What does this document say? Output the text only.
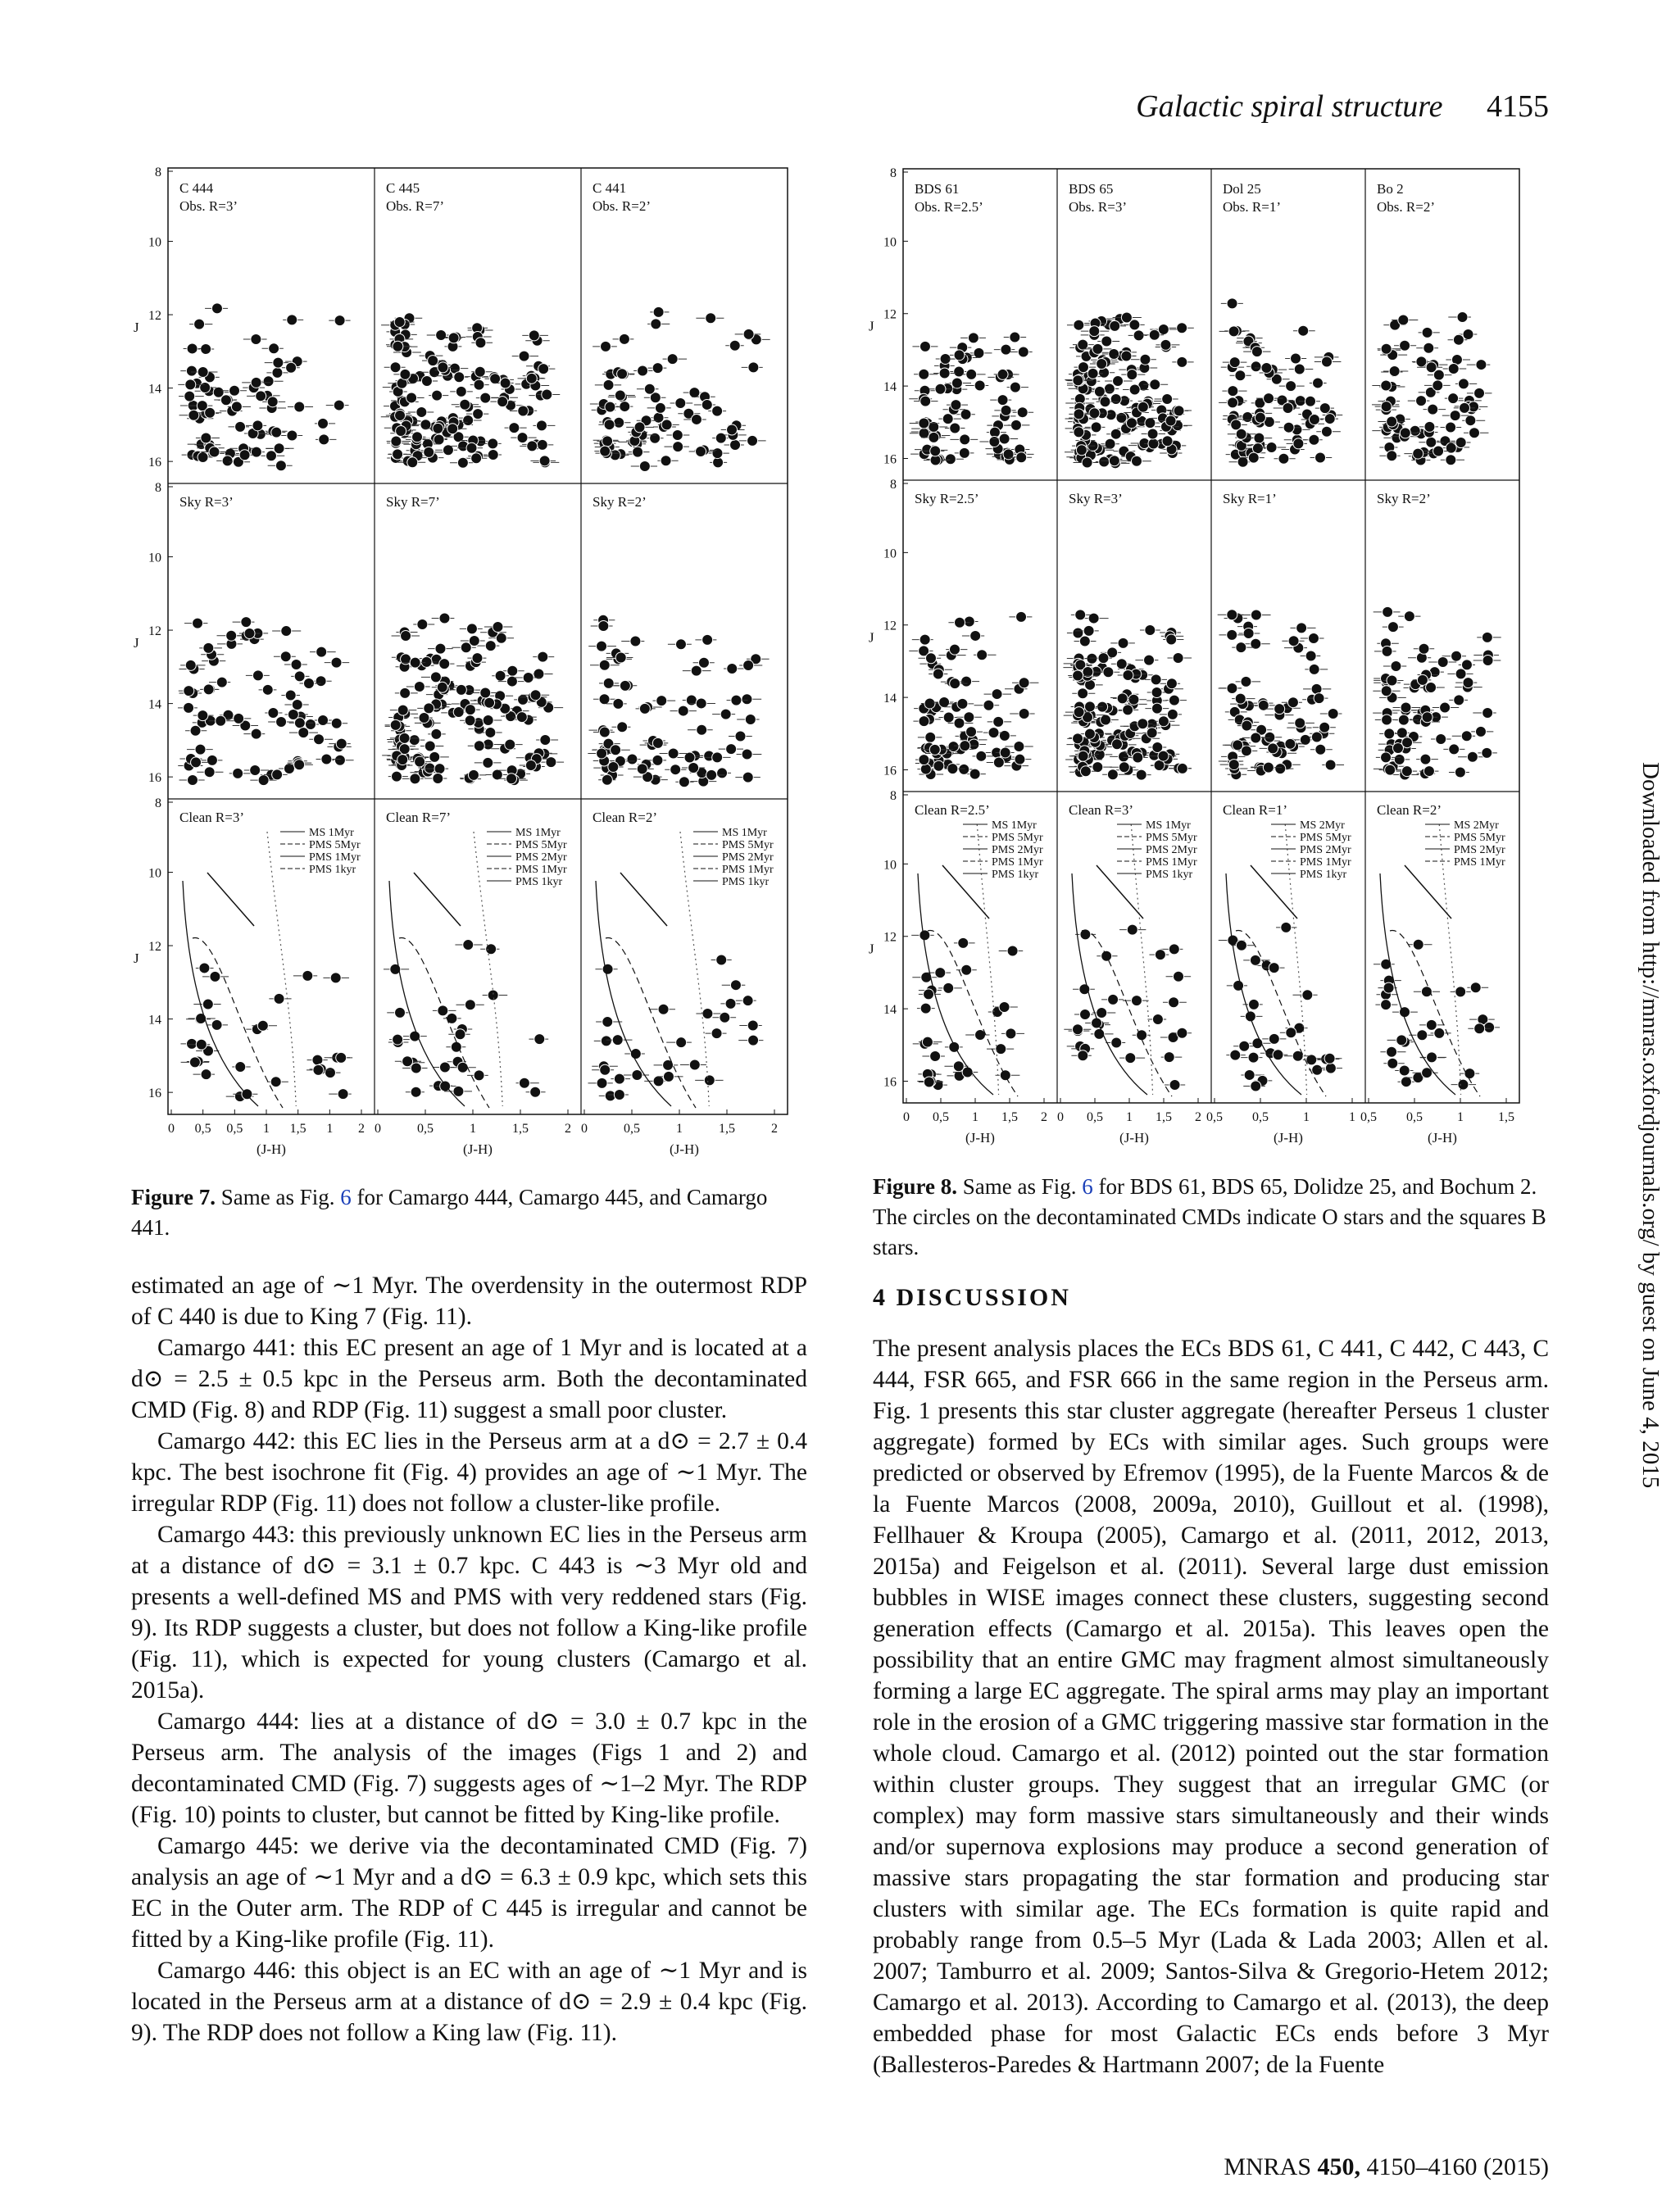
Galactic spiral structure 4155
8
10
12
14
16
J
8
10
12
14
16
J
8
10
12
14
16
J
C 444
Obs. R=3’
Sky R=3’
Clean R=3’
MS 1Myr
PMS 5Myr
PMS 1Myr
PMS 1kyr
C 445
Obs. R=7’
Sky R=7’
Clean R=7’
MS 1Myr
PMS 5Myr
PMS 2Myr
PMS 1Myr
PMS 1kyr
C 441
Obs. R=2’
Sky R=2’
Clean R=2’
MS 1Myr
PMS 5Myr
PMS 2Myr
PMS 1Myr
PMS 1kyr
0 0,5 0,5 1 1,5 1 2
(J-H)
0	0,5	1	1,5	2
(J-H)
0	0,5	1	1,5	2
(J-H)
Figure 7. Same as Fig. 6 for Camargo 444, Camargo 445, and Camargo 441.
8
10
12
14
16
J
8
10
12
14
16
J
8
10
12
14
16
J
BDS 61
Obs. R=2.5’
Sky R=2.5’
Clean R=2.5’
MS 1Myr
PMS 5Myr
PMS 2Myr
PMS 1Myr
PMS 1kyr
BDS 65
Obs. R=3’
Sky R=3’
Clean R=3’
MS 1Myr
PMS 5Myr
PMS 2Myr
PMS 1Myr
PMS 1kyr
Dol 25
Obs. R=1’
Sky R=1’
Clean R=1’
MS 2Myr
PMS 5Myr
PMS 2Myr
PMS 1Myr
PMS 1kyr
Bo 2
Obs. R=2’
Sky R=2’
Clean R=2’
MS 2Myr
PMS 5Myr
PMS 2Myr
PMS 1Myr
0 0,5 1 1,5 2
(J-H)
0 0,5 1 1,5 2
(J-H)
0,5 0,5	1	1
(J-H)
0,5 0,5	1	1,5
(J-H)
Figure 8. Same as Fig. 6 for BDS 61, BDS 65, Dolidze 25, and Bochum 2. The circles on the decontaminated CMDs indicate O stars and the squares B stars.

estimated an age of ∼1 Myr. The overdensity in the outermost RDP of C 440 is due to King 7 (Fig. 11).

Camargo 441: this EC present an age of 1 Myr and is located at a d⊙ = 2.5 ± 0.5 kpc in the Perseus arm. Both the decontaminated CMD (Fig. 8) and RDP (Fig. 11) suggest a small poor cluster.

Camargo 442: this EC lies in the Perseus arm at a d⊙ = 2.7 ± 0.4 kpc. The best isochrone fit (Fig. 4) provides an age of ∼1 Myr. The irregular RDP (Fig. 11) does not follow a cluster-like profile.

Camargo 443: this previously unknown EC lies in the Perseus arm at a distance of d⊙ = 3.1 ± 0.7 kpc. C 443 is ∼3 Myr old and presents a well-defined MS and PMS with very reddened stars (Fig. 9). Its RDP suggests a cluster, but does not follow a King-like profile (Fig. 11), which is expected for young clusters (Camargo et al. 2015a).

Camargo 444: lies at a distance of d⊙ = 3.0 ± 0.7 kpc in the Perseus arm. The analysis of the images (Figs 1 and 2) and decontaminated CMD (Fig. 7) suggests ages of ∼1–2 Myr. The RDP (Fig. 10) points to cluster, but cannot be fitted by King-like profile.

Camargo 445: we derive via the decontaminated CMD (Fig. 7) analysis an age of ∼1 Myr and a d⊙ = 6.3 ± 0.9 kpc, which sets this EC in the Outer arm. The RDP of C 445 is irregular and cannot be fitted by a King-like profile (Fig. 11).

Camargo 446: this object is an EC with an age of ∼1 Myr and is located in the Perseus arm at a distance of d⊙ = 2.9 ± 0.4 kpc (Fig. 9). The RDP does not follow a King law (Fig. 11).

4 DISCUSSION

The present analysis places the ECs BDS 61, C 441, C 442, C 443, C 444, FSR 665, and FSR 666 in the same region in the Perseus arm. Fig. 1 presents this star cluster aggregate (hereafter Perseus 1 cluster aggregate) formed by ECs with similar ages. Such groups were predicted or observed by Efremov (1995), de la Fuente Marcos & de la Fuente Marcos (2008, 2009a, 2010), Guillout et al. (1998), Fellhauer & Kroupa (2005), Camargo et al. (2011, 2012, 2013, 2015a) and Feigelson et al. (2011). Several large dust emission bubbles in WISE images connect these clusters, suggesting second generation effects (Camargo et al. 2015a). This leaves open the possibility that an entire GMC may fragment almost simultaneously forming a large EC aggregate. The spiral arms may play an important role in the erosion of a GMC triggering massive star formation in the whole cloud. Camargo et al. (2012) pointed out the star formation within cluster groups. They suggest that an irregular GMC (or complex) may form massive stars simultaneously and their winds and/or supernova explosions may produce a second generation of massive stars propagating the star formation and producing star clusters with similar age. The ECs formation is quite rapid and probably range from 0.5–5 Myr (Lada & Lada 2003; Allen et al. 2007; Tamburro et al. 2009; Santos-Silva & Gregorio-Hetem 2012; Camargo et al. 2013). According to Camargo et al. (2013), the deep embedded phase for most Galactic ECs ends before 3 Myr (Ballesteros-Paredes & Hartmann 2007; de la Fuente

Downloaded from http://mnras.oxfordjournals.org/ by guest on June 4, 2015
MNRAS 450, 4150–4160 (2015)
